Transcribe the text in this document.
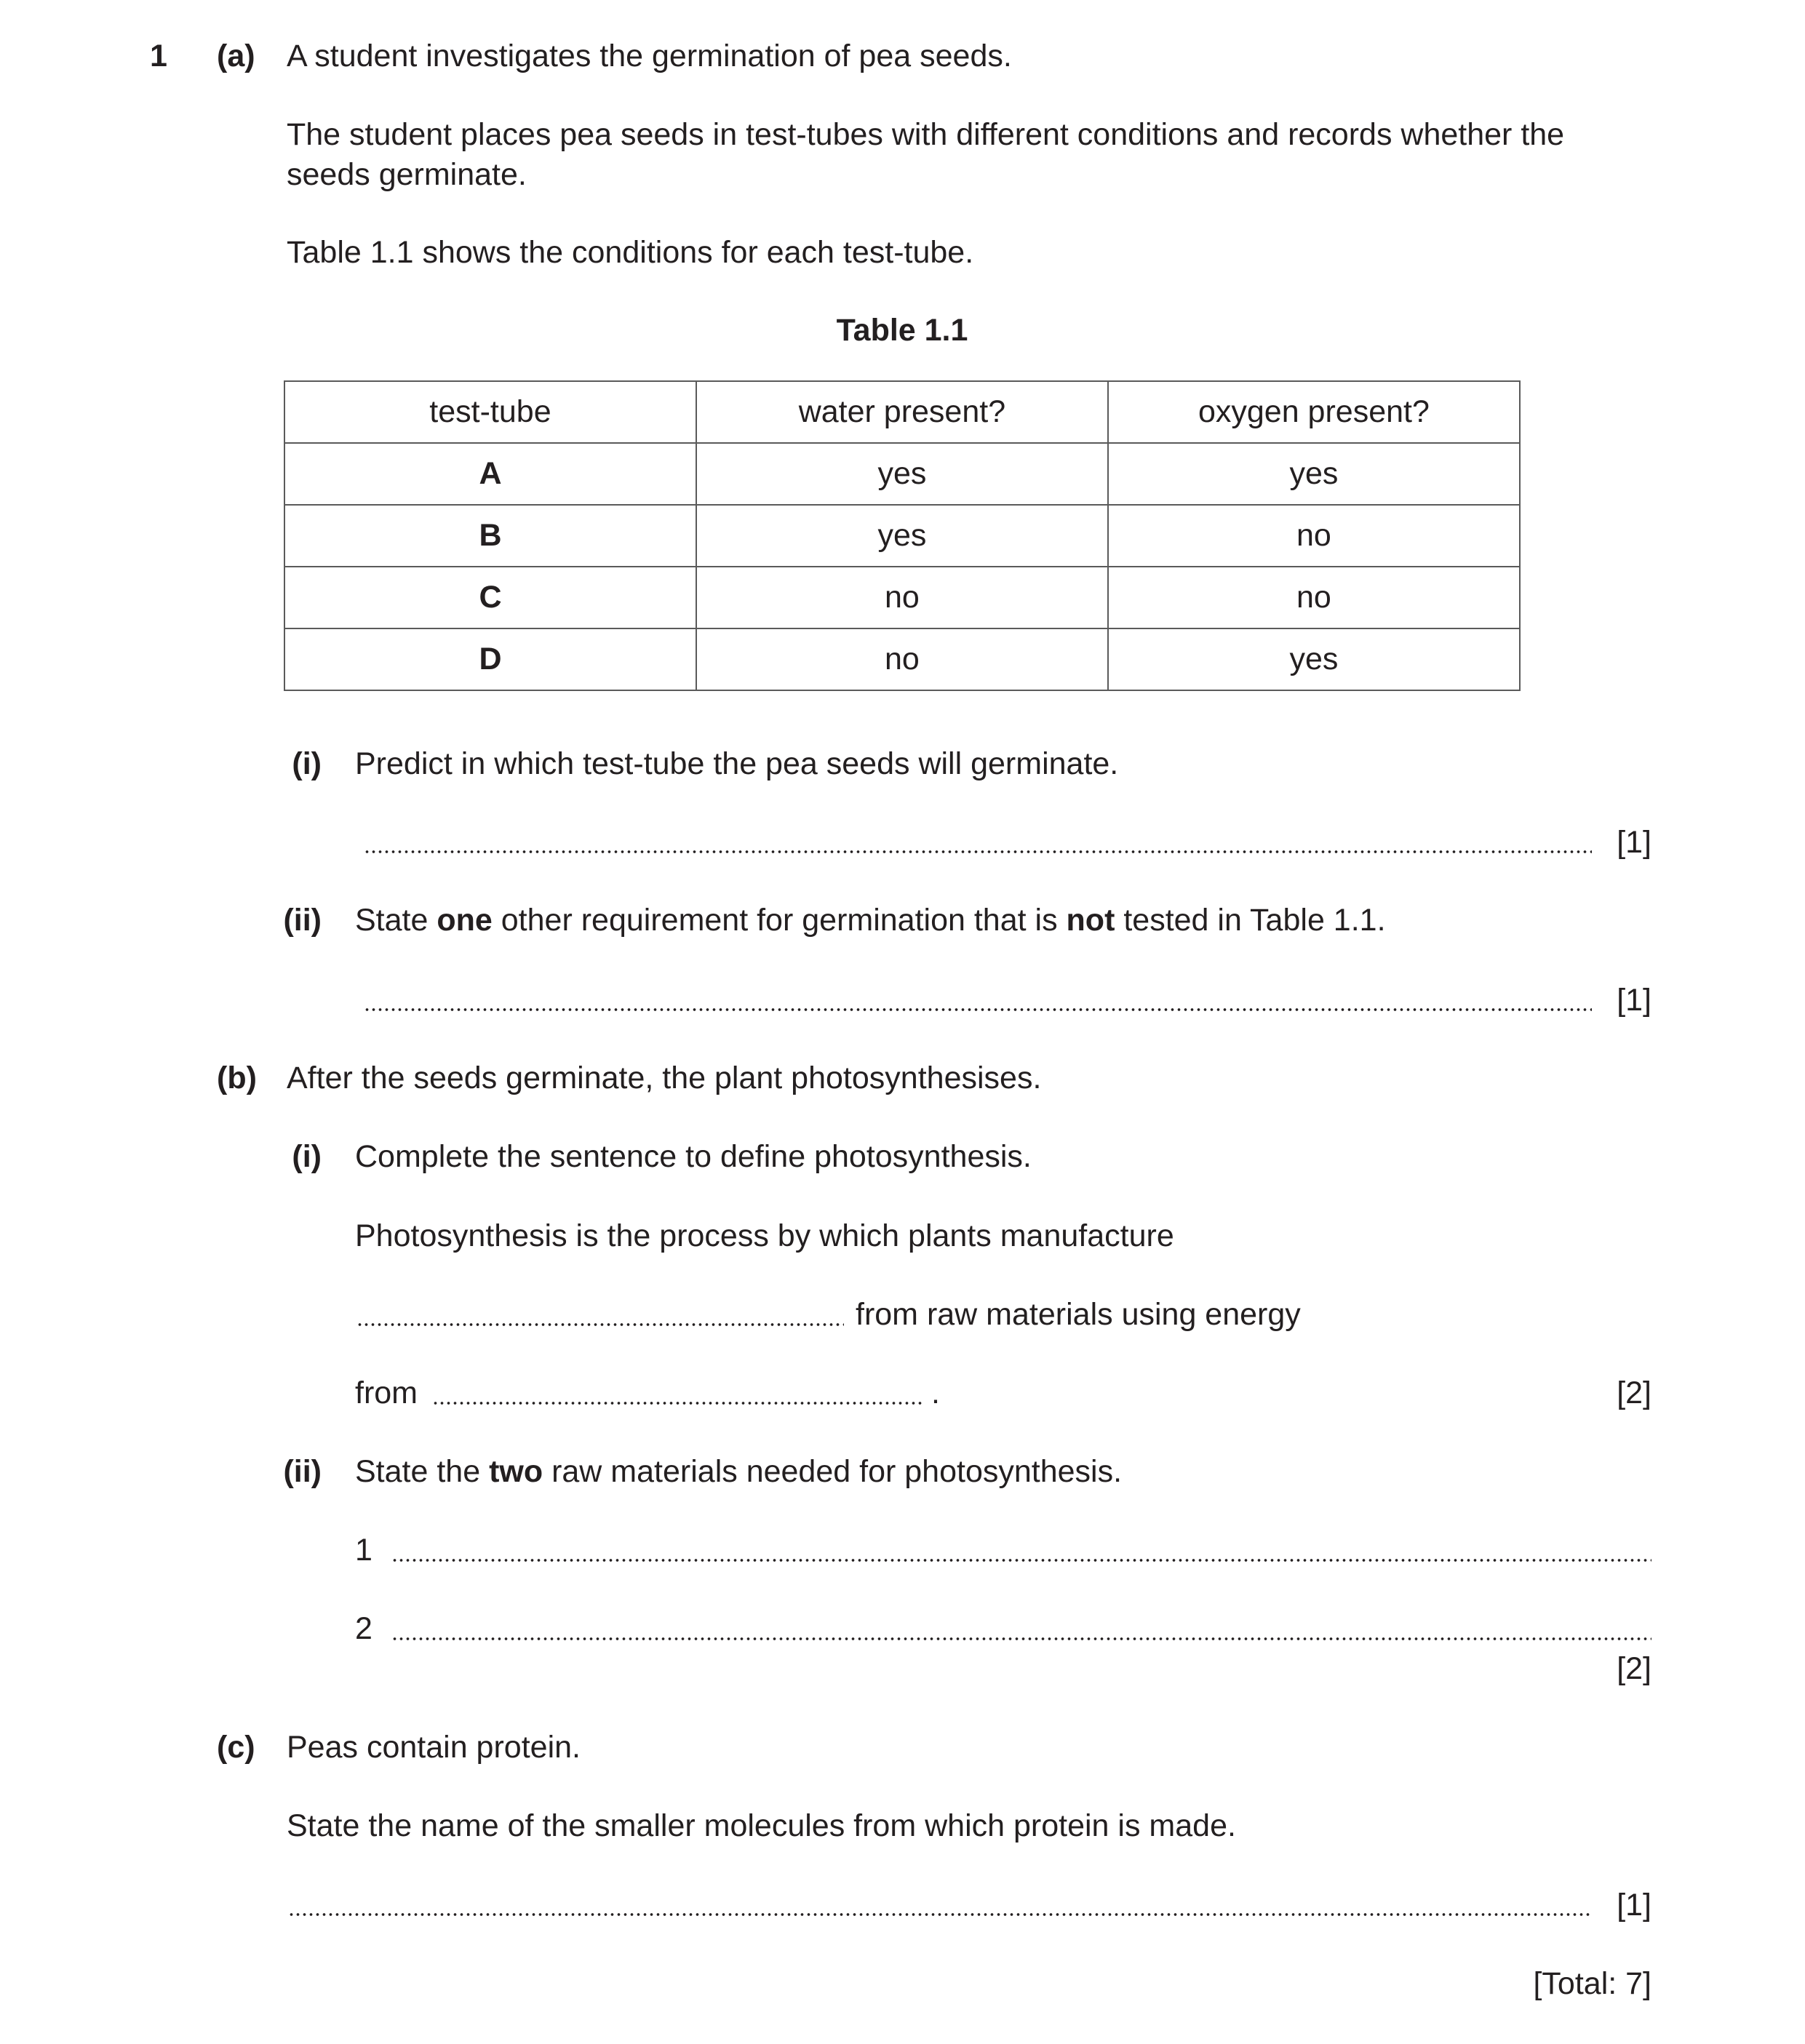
1 (a) A student investigates the germination of pea seeds.
The student places pea seeds in test-tubes with different conditions and records whether the
seeds germinate.
Table 1.1 shows the conditions for each test-tube.
Table 1.1
test-tube	water present?	oxygen present?
A	yes	yes
B	yes	no
C	no	no
D	no	yes
(i) Predict in which test-tube the pea seeds will germinate.
[1]
(ii) State one other requirement for germination that is not tested in Table 1.1.
[1]
(b) After the seeds germinate, the plant photosynthesises.
(i) Complete the sentence to define photosynthesis.
Photosynthesis is the process by which plants manufacture
from raw materials using energy
from	.	[2]
(ii) State the two raw materials needed for photosynthesis.
1
2
[2]
(c) Peas contain protein.
State the name of the smaller molecules from which protein is made.
[1]
[Total: 7]
